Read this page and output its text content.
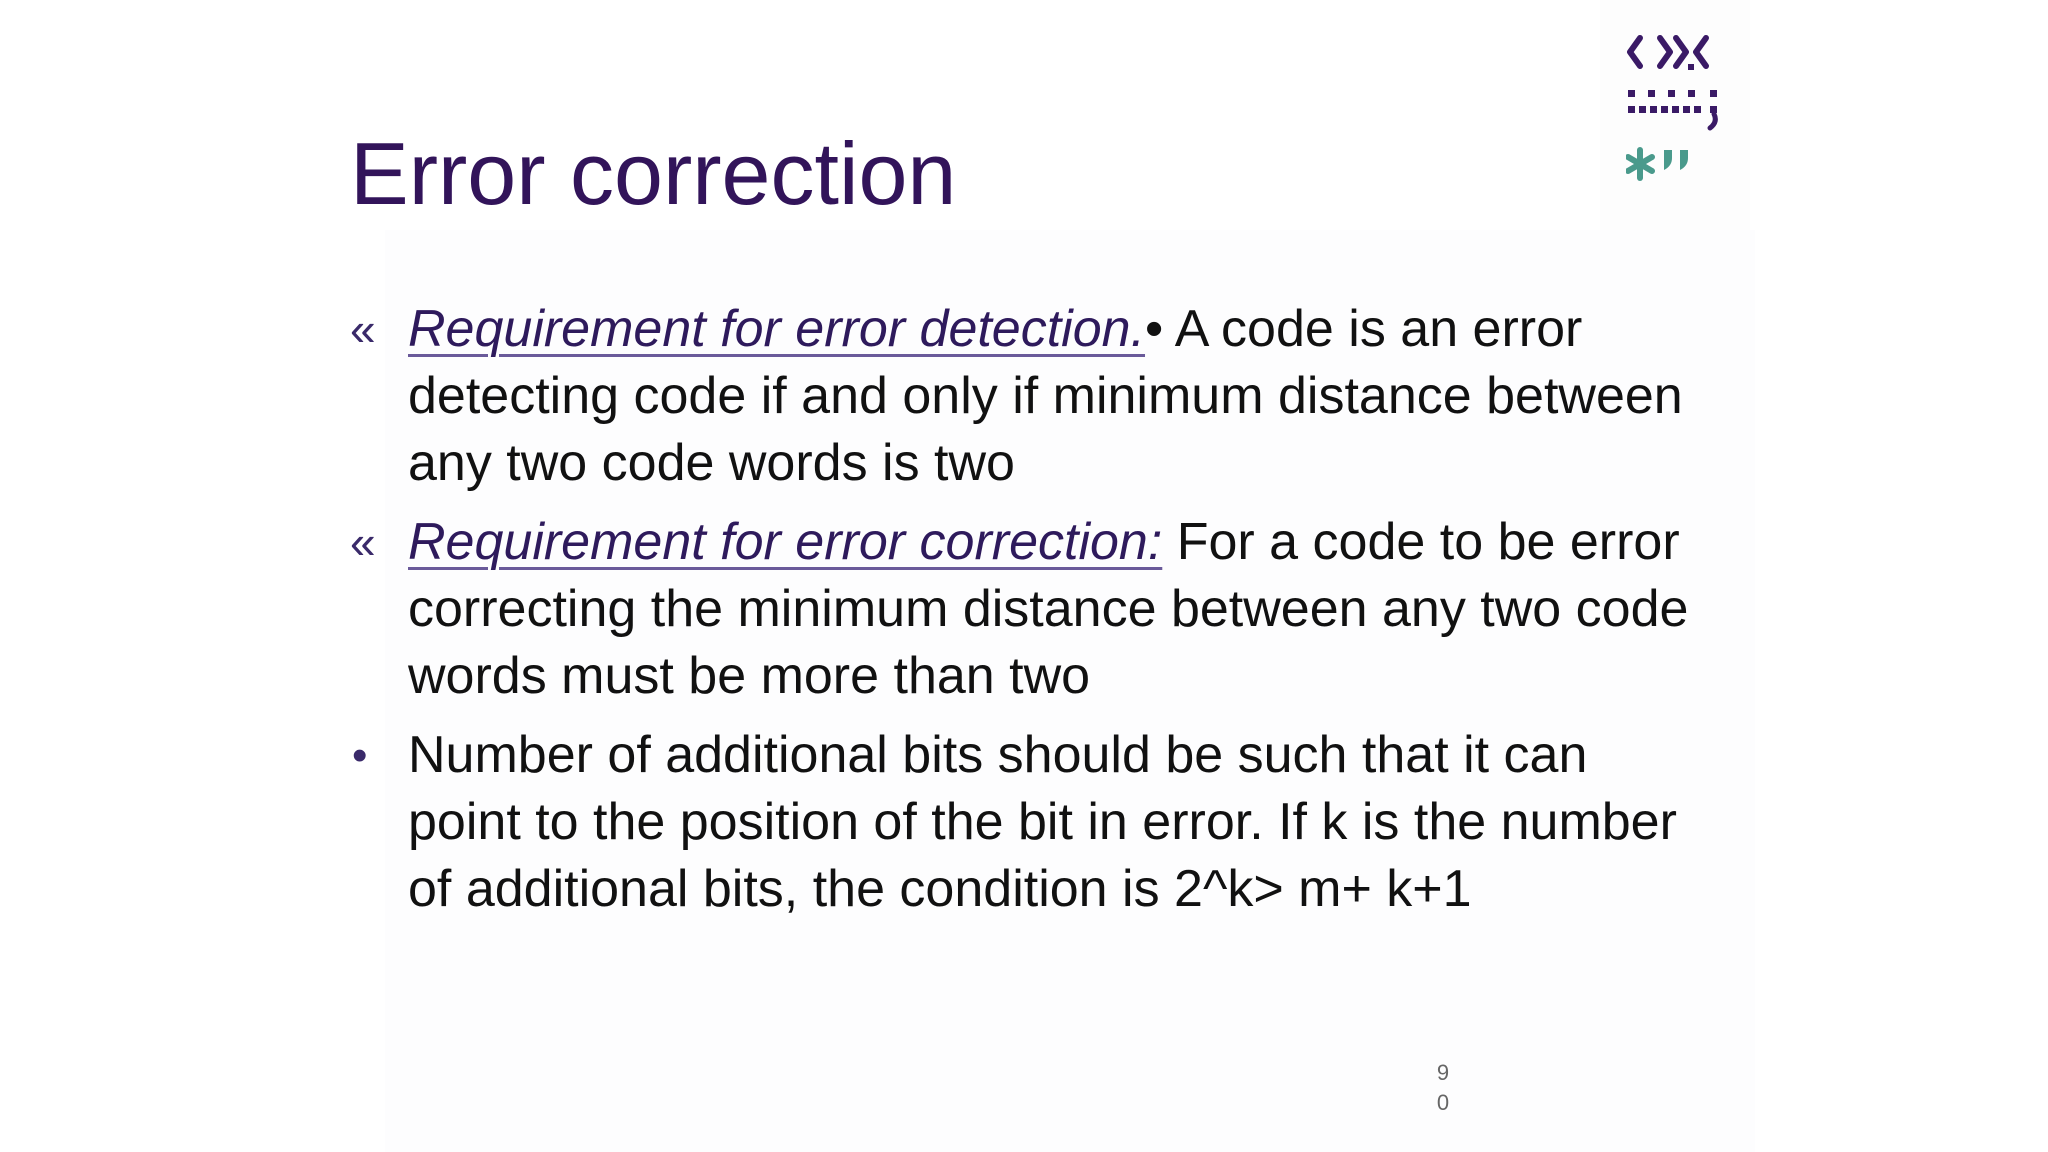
Error correction
« Requirement for error detection.• A code is an error detecting code if and only if minimum distance between any two code words is two
« Requirement for error correction: For a code to be error correcting the minimum distance between any two code words must be more than two
• Number of additional bits should be such that it can point to the position of the bit in error. If k is the number of additional bits, the condition is 2^k> m+ k+1
9
0
